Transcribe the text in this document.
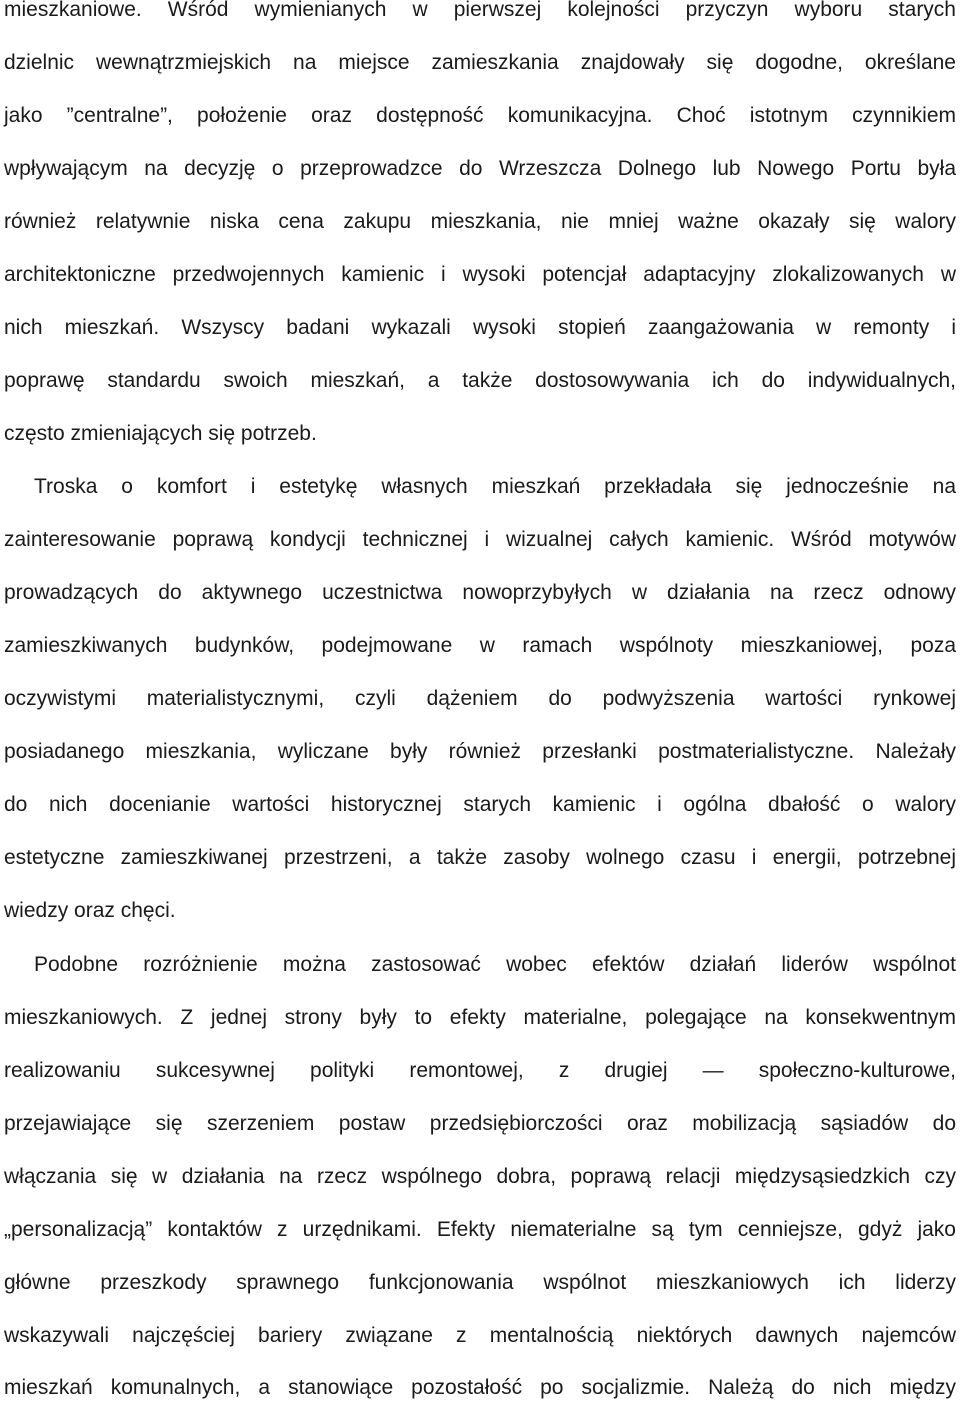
mieszkaniowe. Wśród wymienianych w pierwszej kolejności przyczyn wyboru starych
dzielnic wewnątrzmiejskich na miejsce zamieszkania znajdowały się dogodne, określane
jako ”centralne”, położenie oraz dostępność komunikacyjna. Choć istotnym czynnikiem
wpływającym na decyzję o przeprowadzce do Wrzeszcza Dolnego lub Nowego Portu była
również relatywnie niska cena zakupu mieszkania, nie mniej ważne okazały się walory
architektoniczne przedwojennych kamienic i wysoki potencjał adaptacyjny zlokalizowanych w
nich mieszkań. Wszyscy badani wykazali wysoki stopień zaangażowania w remonty i
poprawę standardu swoich mieszkań, a także dostosowywania ich do indywidualnych,
często zmieniających się potrzeb.
Troska o komfort i estetykę własnych mieszkań przekładała się jednocześnie na
zainteresowanie poprawą kondycji technicznej i wizualnej całych kamienic. Wśród motywów
prowadzących do aktywnego uczestnictwa nowoprzybyłych w działania na rzecz odnowy
zamieszkiwanych budynków, podejmowane w ramach wspólnoty mieszkaniowej, poza
oczywistymi materialistycznymi, czyli dążeniem do podwyższenia wartości rynkowej
posiadanego mieszkania, wyliczane były również przesłanki postmaterialistyczne. Należały
do nich docenianie wartości historycznej starych kamienic i ogólna dbałość o walory
estetyczne zamieszkiwanej przestrzeni, a także zasoby wolnego czasu i energii, potrzebnej
wiedzy oraz chęci.
Podobne rozróżnienie można zastosować wobec efektów działań liderów wspólnot
mieszkaniowych. Z jednej strony były to efekty materialne, polegające na konsekwentnym
realizowaniu sukcesywnej polityki remontowej, z drugiej — społeczno-kulturowe,
przejawiające się szerzeniem postaw przedsiębiorczości oraz mobilizacją sąsiadów do
włączania się w działania na rzecz wspólnego dobra, poprawą relacji międzysąsiedzkich czy
„personalizacją” kontaktów z urzędnikami. Efekty niematerialne są tym cenniejsze, gdyż jako
główne przeszkody sprawnego funkcjonowania wspólnot mieszkaniowych ich liderzy
wskazywali najczęściej bariery związane z mentalnością niektórych dawnych najemców
mieszkań komunalnych, a stanowiące pozostałość po socjalizmie. Należą do nich między
